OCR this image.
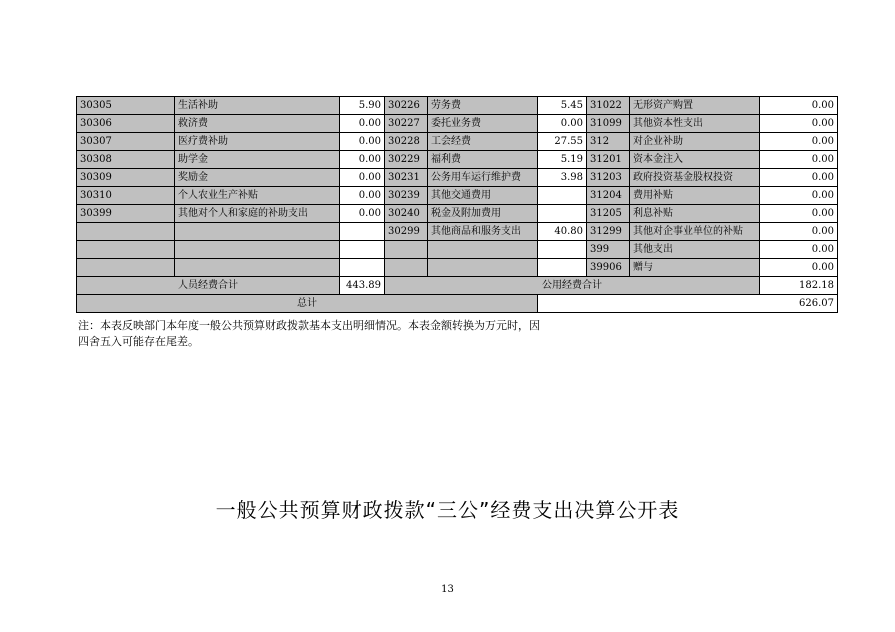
30305	生活补助	5.90	30226	劳务费	5.45	31022	无形资产购置	0.00
30306	救济费	0.00	30227	委托业务费	0.00	31099	其他资本性支出	0.00
30307	医疗费补助	0.00	30228	工会经费	27.55	312	对企业补助	0.00
30308	助学金	0.00	30229	福利费	5.19	31201	资本金注入	0.00
30309	奖励金	0.00	30231	公务用车运行维护费	3.98	31203	政府投资基金股权投资	0.00
30310	个人农业生产补贴	0.00	30239	其他交通费用		31204	费用补贴	0.00
30399	其他对个人和家庭的补助支出	0.00	30240	税金及附加费用		31205	利息补贴	0.00
			30299	其他商品和服务支出	40.80	31299	其他对企事业单位的补贴	0.00
						399	其他支出	0.00
						39906	赠与	0.00
人员经费合计		443.89	公用经费合计					182.18
总计					626.07			
注：本表反映部门本年度一般公共预算财政拨款基本支出明细情况。本表金额转换为万元时，因四舍五入可能存在尾差。
一般公共预算财政拨款“三公”经费支出决算公开表
13
